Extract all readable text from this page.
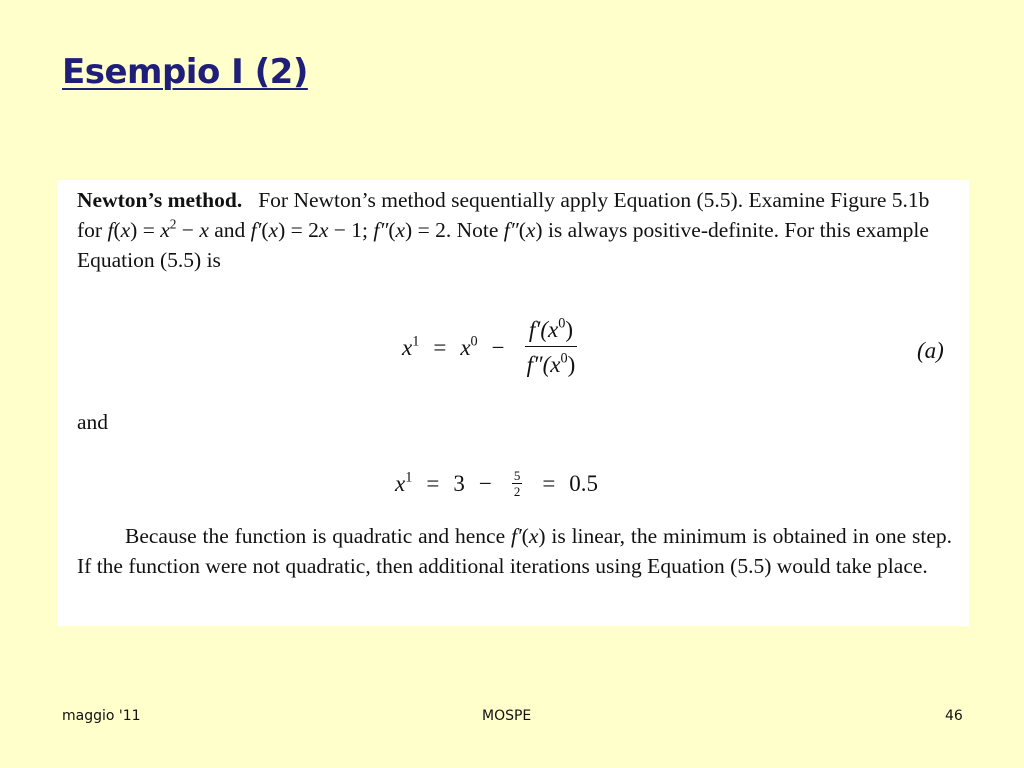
Esempio I (2)

Newton’s method. For Newton’s method sequentially apply Equation (5.5). Examine Figure 5.1b for $f(x) = x^2 - x$ and f′(x) = 2x − 1; f″(x) = 2. Note f″(x) is always positive-definite. For this example Equation (5.5) is

$x^1 = x^0 - \frac{f'(x^0)}{f''(x^0)}$	(a)
and
$x^1 = 3 - \frac{5}{2} = 0.5$

Because the function is quadratic and hence f′(x) is linear, the minimum is obtained in one step. If the function were not quadratic, then additional iterations using Equation (5.5) would take place.

maggio '11	MOSPE	46
